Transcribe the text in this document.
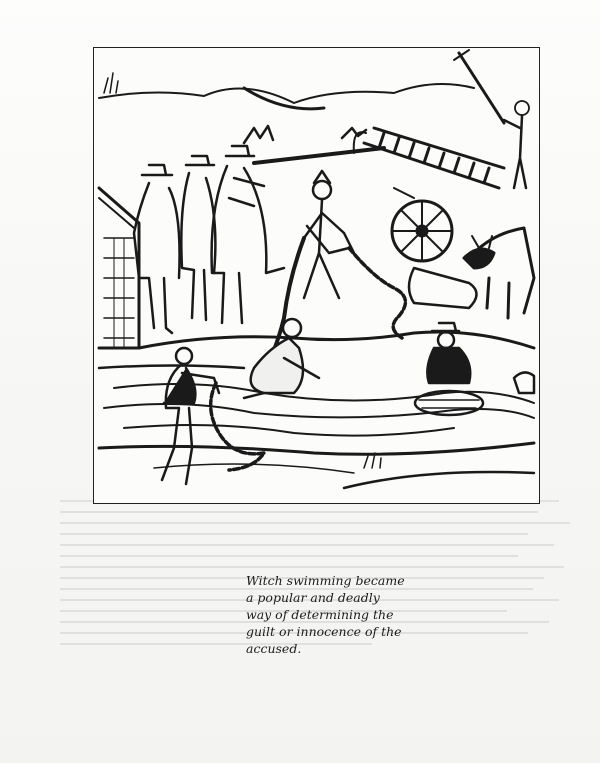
Witch swimming became
a popular and deadly
way of determining the
guilt or innocence of the
accused.
